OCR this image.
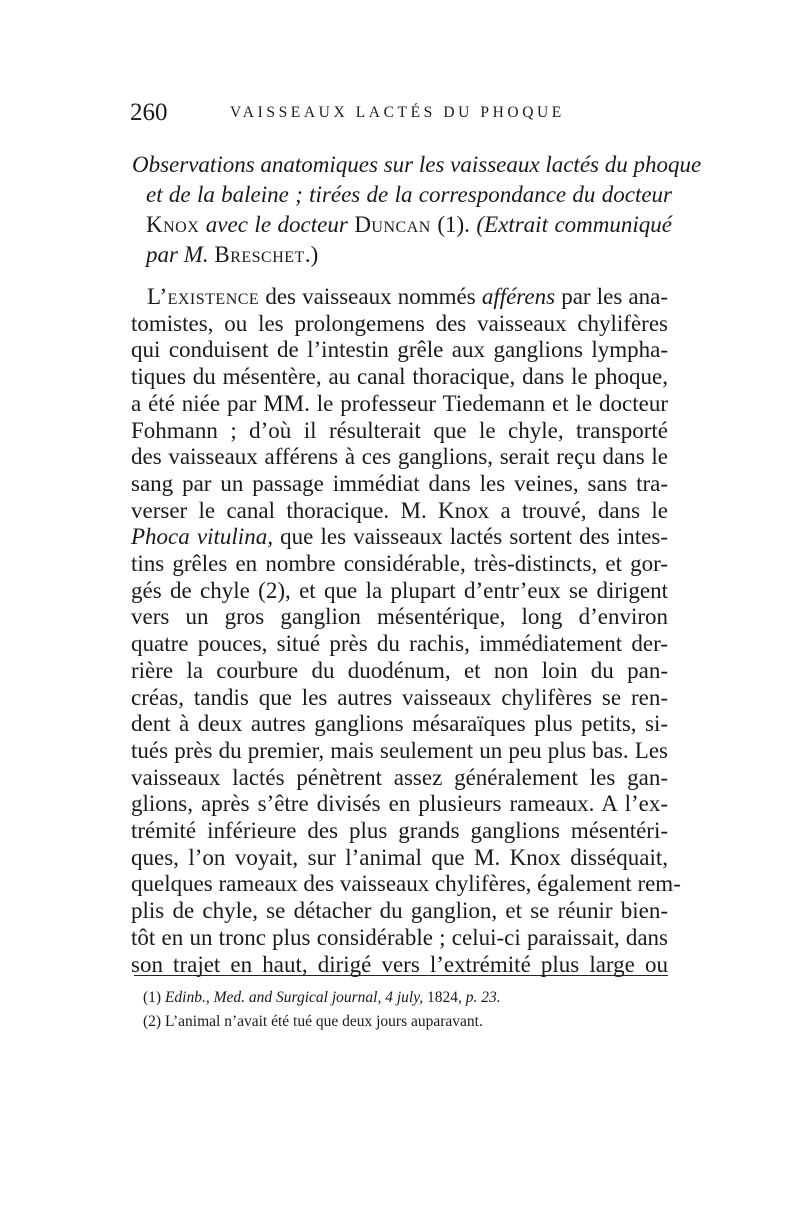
260	VAISSEAUX LACTÉS DU PHOQUE
Observations anatomiques sur les vaisseaux lactés du phoque
et de la baleine ; tirées de la correspondance du docteur
Knox avec le docteur Duncan (1). (Extrait communiqué
par M. Breschet.)
L’existence des vaisseaux nommés afférens par les ana-
tomistes, ou les prolongemens des vaisseaux chylifères
qui conduisent de l’intestin grêle aux ganglions lympha-
tiques du mésentère, au canal thoracique, dans le phoque,
a été niée par MM. le professeur Tiedemann et le docteur
Fohmann ; d’où il résulterait que le chyle, transporté
des vaisseaux afférens à ces ganglions, serait reçu dans le
sang par un passage immédiat dans les veines, sans tra-
verser le canal thoracique. M. Knox a trouvé, dans le
Phoca vitulina, que les vaisseaux lactés sortent des intes-
tins grêles en nombre considérable, très-distincts, et gor-
gés de chyle (2), et que la plupart d’entr’eux se dirigent
vers un gros ganglion mésentérique, long d’environ
quatre pouces, situé près du rachis, immédiatement der-
rière la courbure du duodénum, et non loin du pan-
créas, tandis que les autres vaisseaux chylifères se ren-
dent à deux autres ganglions mésaraïques plus petits, si-
tués près du premier, mais seulement un peu plus bas. Les
vaisseaux lactés pénètrent assez généralement les gan-
glions, après s’être divisés en plusieurs rameaux. A l’ex-
trémité inférieure des plus grands ganglions mésentéri-
ques, l’on voyait, sur l’animal que M. Knox disséquait,
quelques rameaux des vaisseaux chylifères, également rem-
plis de chyle, se détacher du ganglion, et se réunir bien-
tôt en un tronc plus considérable ; celui-ci paraissait, dans
son trajet en haut, dirigé vers l’extrémité plus large ou
(1) Edinb., Med. and Surgical journal, 4 july, 1824, p. 23.
(2) L’animal n’avait été tué que deux jours auparavant.
